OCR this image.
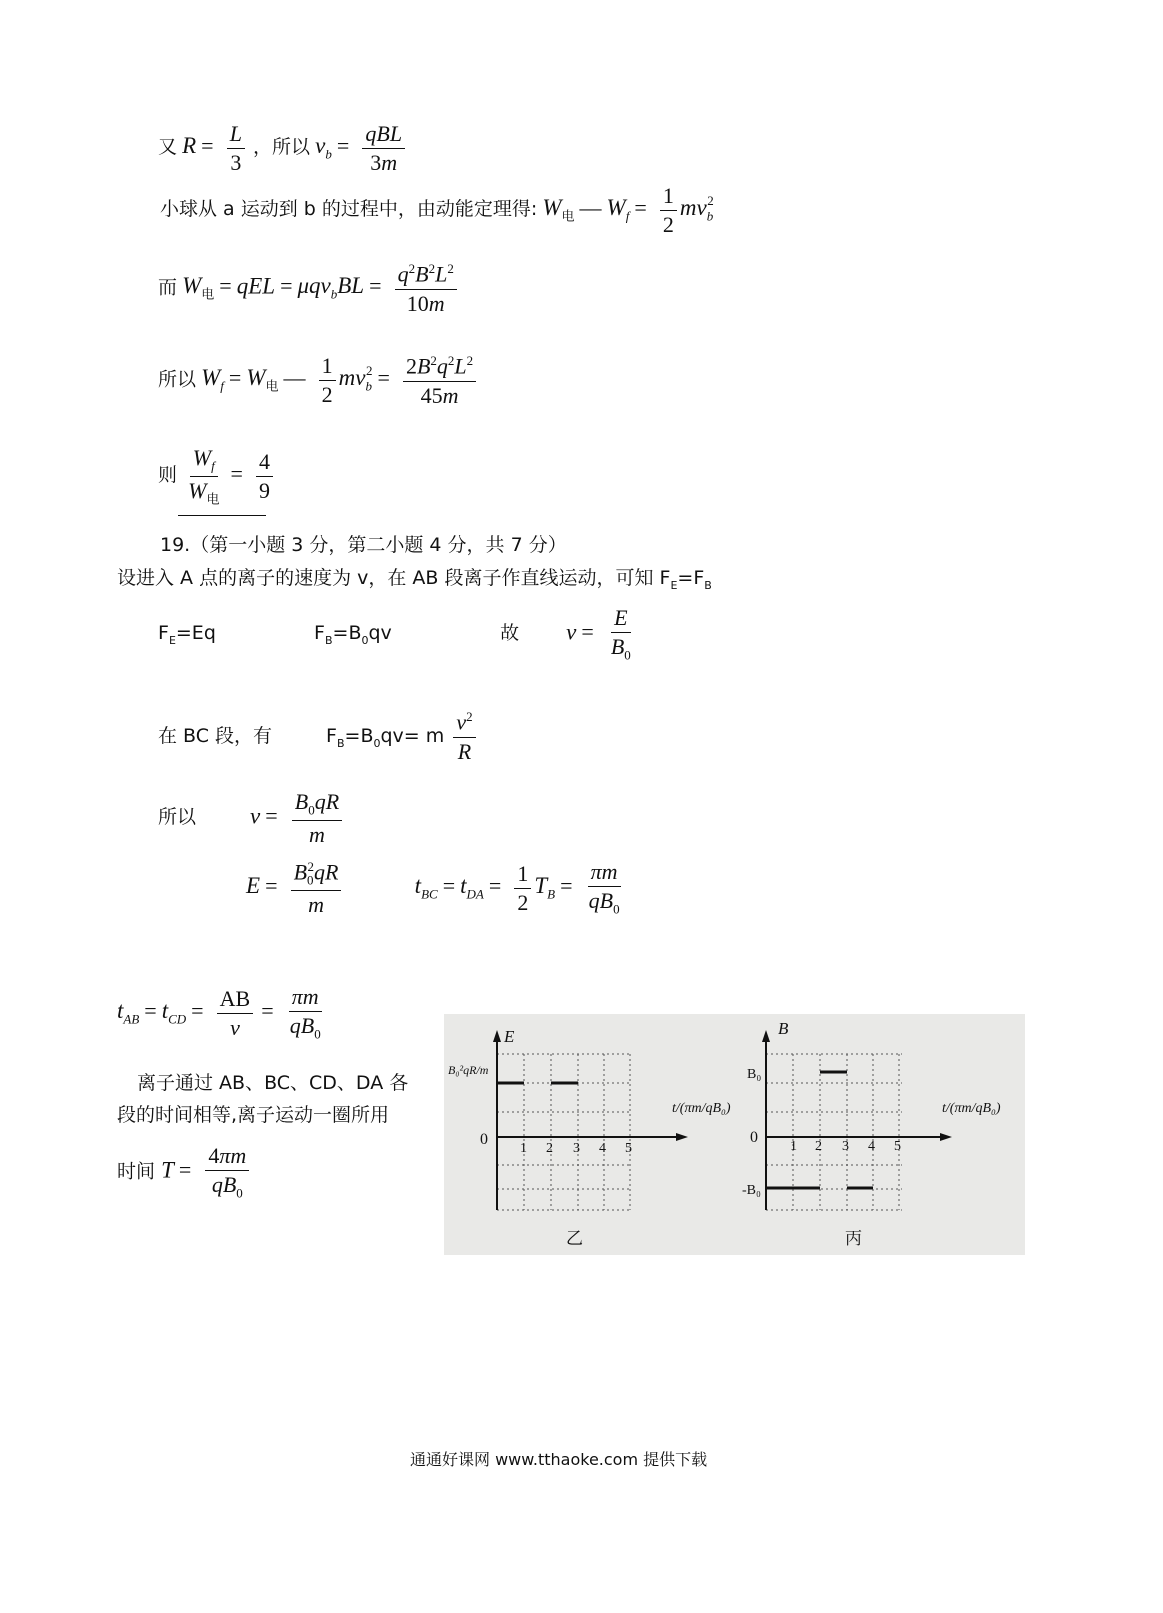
又 $R = \frac{L}{3}$ ，所以 $v_b = \frac{\text{qBL}}{3m}$
小球从 a 运动到 b 的过程中，由动能定理得: $W_电$ — $W_f = \frac{1}{2} mv_b^2$
而 $W_电$ = qEL = $\mu qv_bBL = \frac{q^2B^2L^2}{10m}$
所以 $W_f = W_电$ — $\frac{1}{2} mv_b^2 = \frac{2B^2q^2L^2}{45m}$
则 $\frac{W_f}{W_电} = \frac{4}{9}$
19.（第一小题 3 分，第二小题 4 分，共 7 分）
设进入 A 点的离子的速度为 v，在 AB 段离子作直线运动，可知 $F_E=F_B$
$F_E=Eq$	$F_B=B_0qv$	故 $v = \frac{E}{B_0}$
在 BC 段，有	$F_B=B_0qv= m \frac{v^2}{R}$
所以 $v = \frac{B_0qR}{m}$
$E = \frac{B_0^2qR}{m}$	$t_{BC} = t_{DA} = \frac{1}{2} T_B = \frac{\pi m}{qB_0}$
$t_{AB} = t_{CD} = \frac{AB}{v} = \frac{\pi m}{qB_0}$
离子通过 AB、BC、CD、DA 各
段的时间相等,离子运动一圈所用
时间 $T = \frac{4\pi m}{qB_0}$
E
B₀²qR/m
0
t/(πm/qB₀)
1 2 3 4 5
乙
B
B₀
0
-B₀
t/(πm/qB₀)
1 2 3 4 5
丙
通通好课网 www.tthaoke.com 提供下载
